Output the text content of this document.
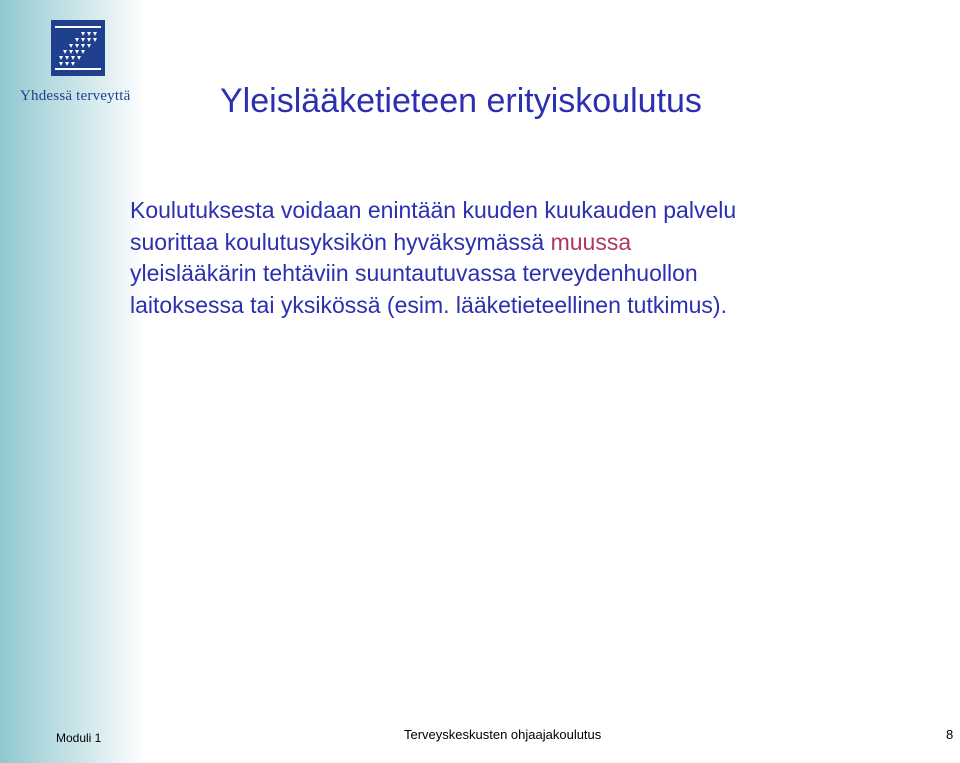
Yhdessä terveyttä	Yleislääketieteen erityiskoulutus

Koulutuksesta voidaan enintään kuuden kuukauden palvelu
suorittaa koulutusyksikön hyväksymässä muussa
yleislääkärin tehtäviin suuntautuvassa terveydenhuollon
laitoksessa tai yksikössä (esim. lääketieteellinen tutkimus).

Moduli 1	Terveyskeskusten ohjaajakoulutus	8
